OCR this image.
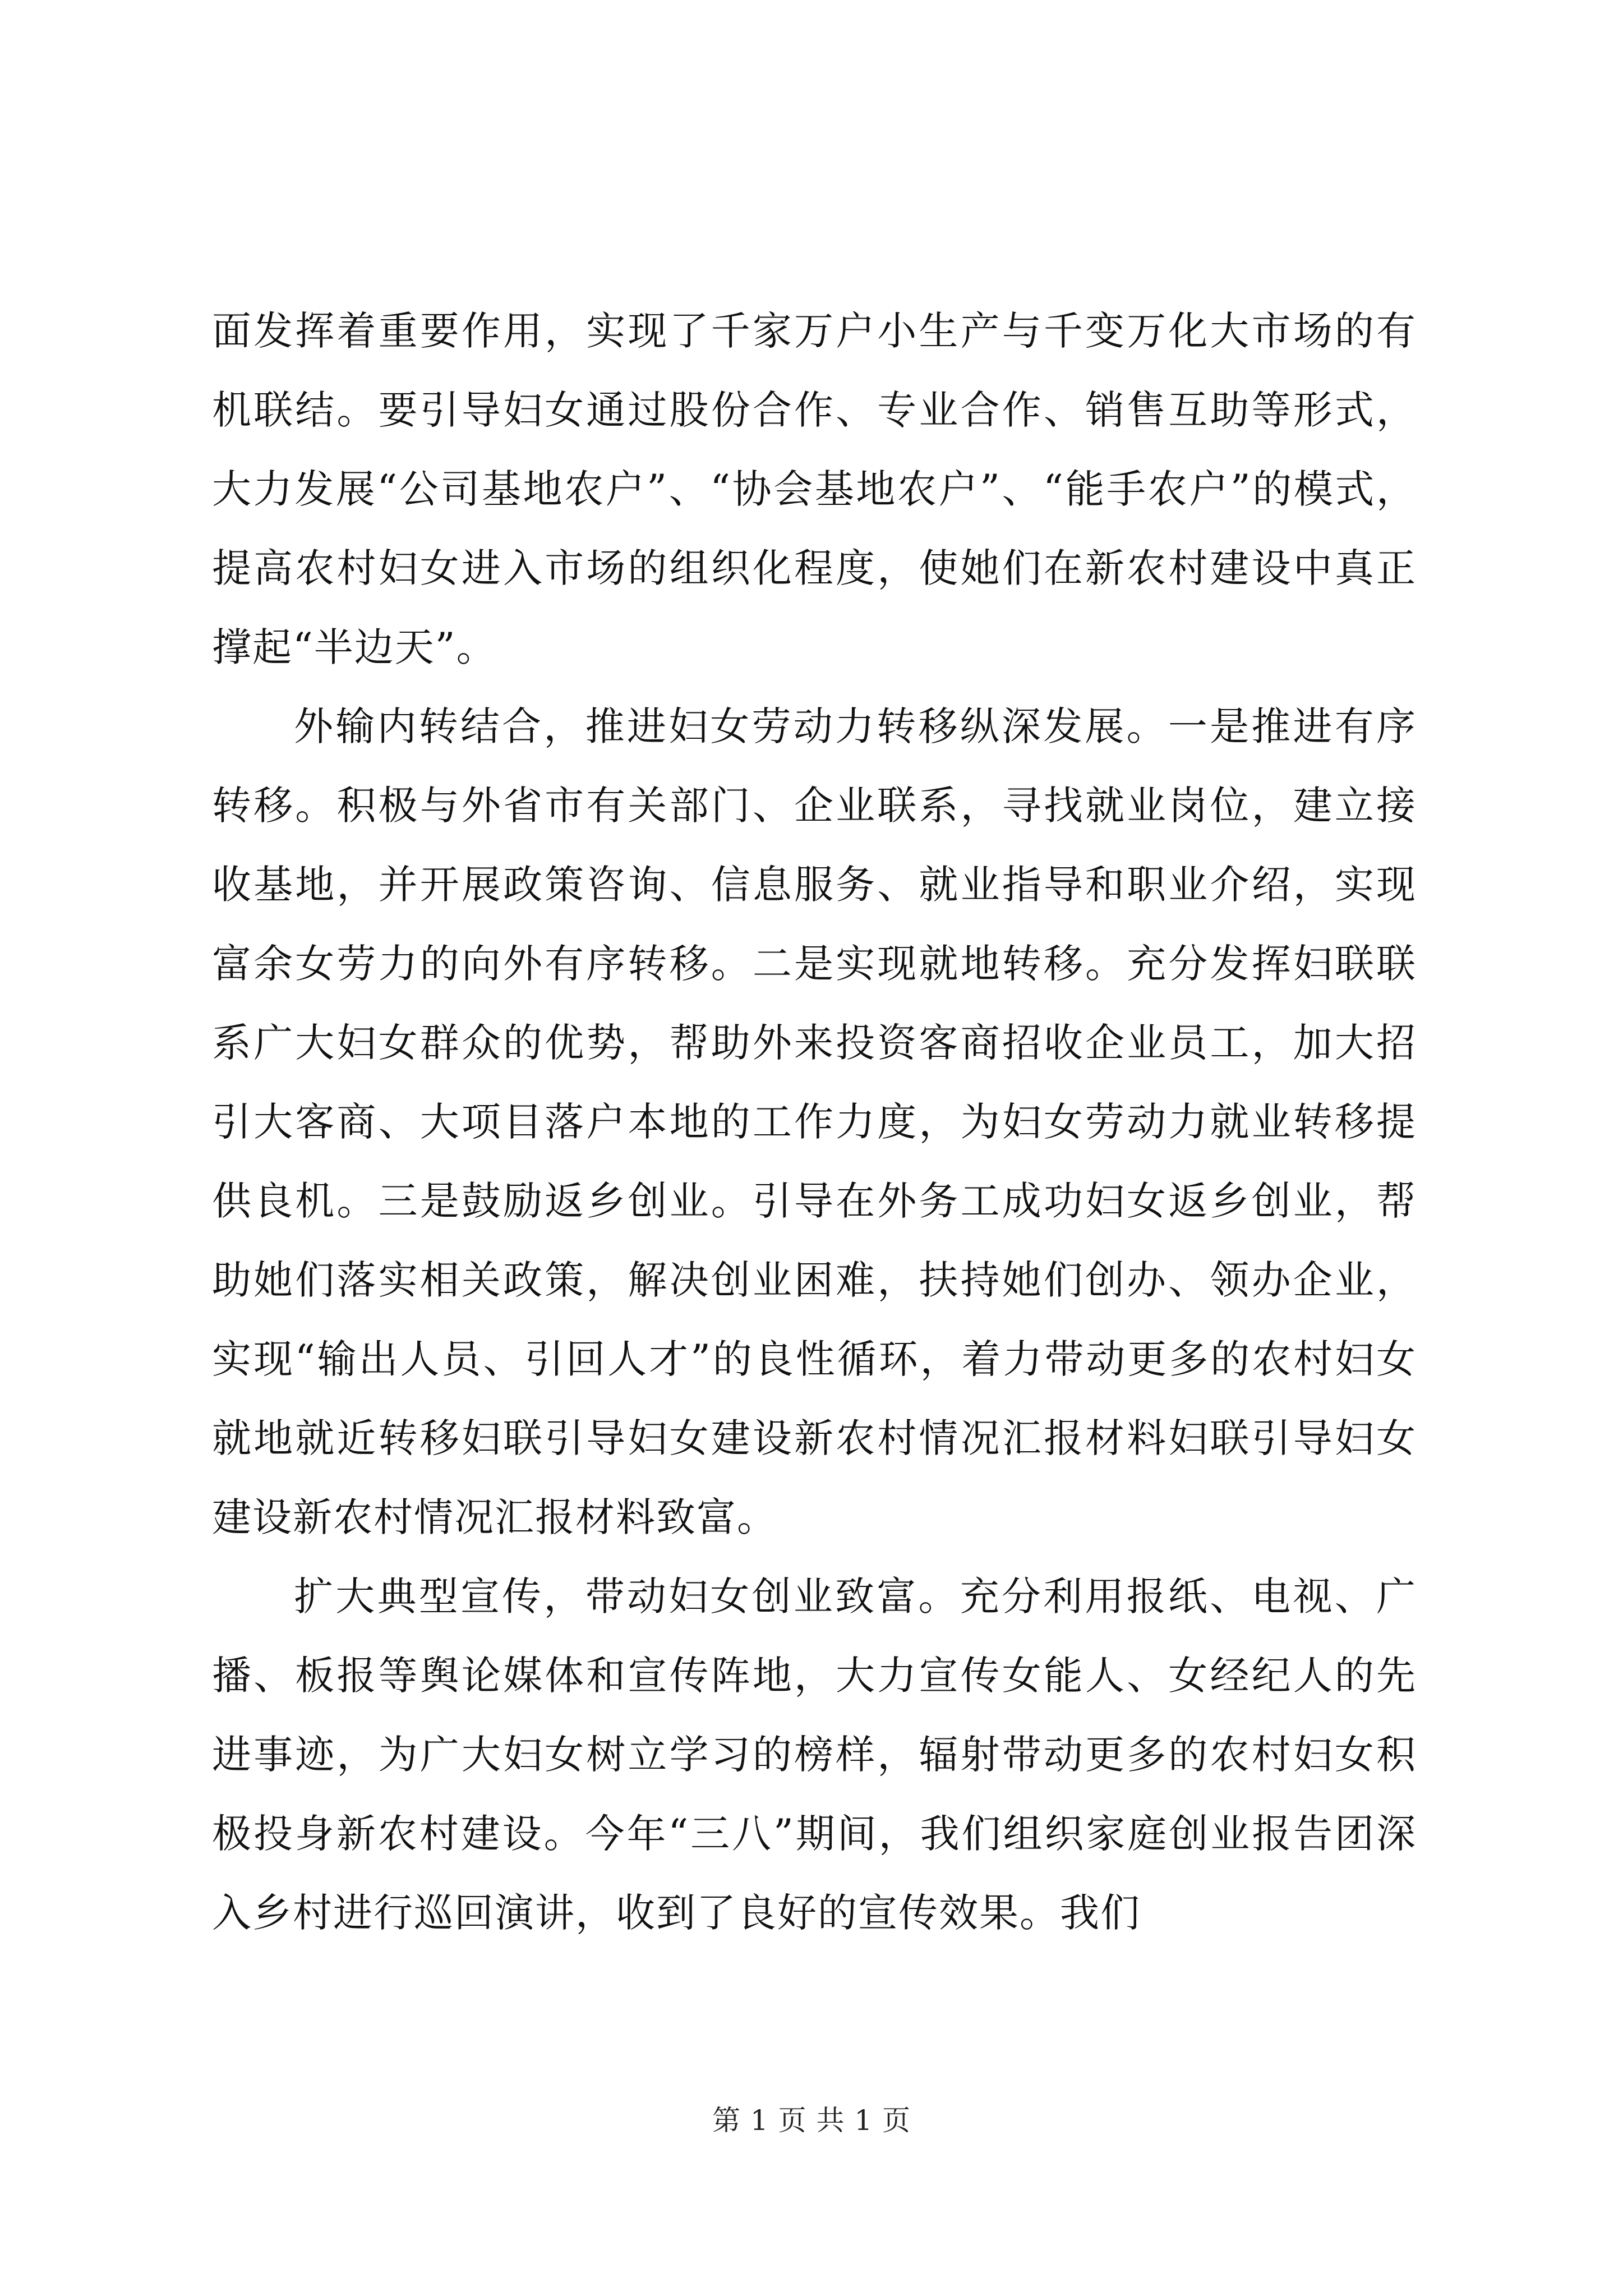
面发挥着重要作用，实现了千家万户小生产与千变万化大市场的有机联结。要引导妇女通过股份合作、专业合作、销售互助等形式，大力发展“公司基地农户”、“协会基地农户”、“能手农户”的模式，提高农村妇女进入市场的组织化程度，使她们在新农村建设中真正撑起“半边天”。

外输内转结合，推进妇女劳动力转移纵深发展。一是推进有序转移。积极与外省市有关部门、企业联系，寻找就业岗位，建立接收基地，并开展政策咨询、信息服务、就业指导和职业介绍，实现富余女劳力的向外有序转移。二是实现就地转移。充分发挥妇联联系广大妇女群众的优势，帮助外来投资客商招收企业员工，加大招引大客商、大项目落户本地的工作力度，为妇女劳动力就业转移提供良机。三是鼓励返乡创业。引导在外务工成功妇女返乡创业，帮助她们落实相关政策，解决创业困难，扶持她们创办、领办企业，实现“输出人员、引回人才”的良性循环，着力带动更多的农村妇女就地就近转移妇联引导妇女建设新农村情况汇报材料妇联引导妇女建设新农村情况汇报材料致富。

扩大典型宣传，带动妇女创业致富。充分利用报纸、电视、广播、板报等舆论媒体和宣传阵地，大力宣传女能人、女经纪人的先进事迹，为广大妇女树立学习的榜样，辐射带动更多的农村妇女积极投身新农村建设。今年“三八”期间，我们组织家庭创业报告团深入乡村进行巡回演讲，收到了良好的宣传效果。我们

第 1 页 共 1 页
